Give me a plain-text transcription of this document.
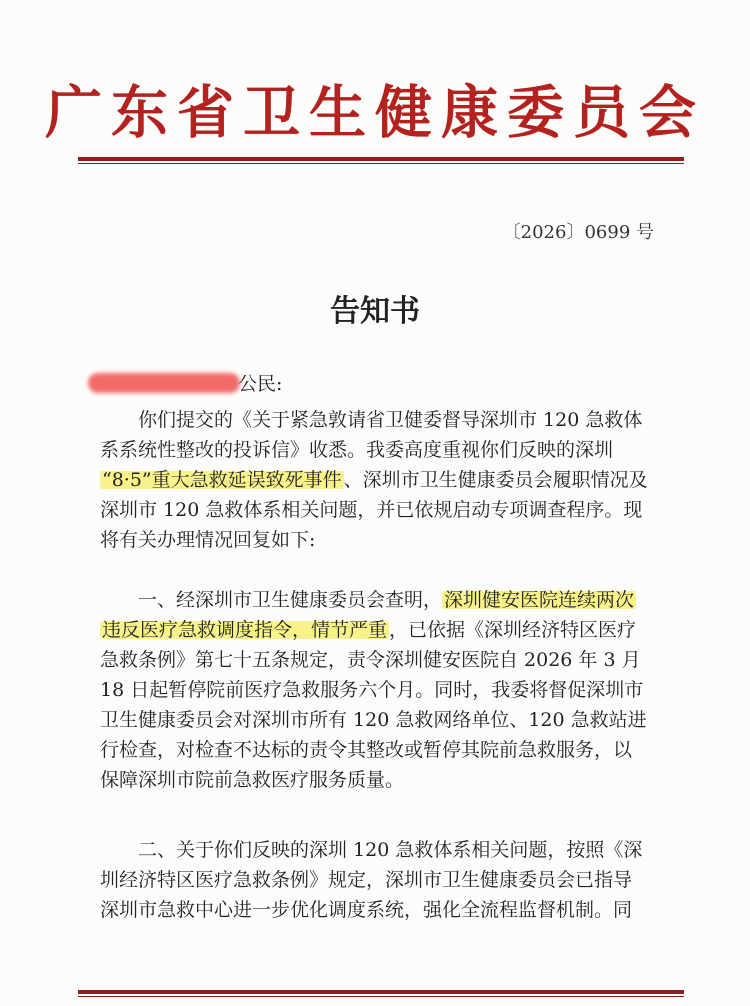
广东省卫生健康委员会
〔2026〕0699 号
告知书
公民:
你们提交的《关于紧急敦请省卫健委督导深圳市 120 急救体
系系统性整改的投诉信》收悉。我委高度重视你们反映的深圳
“8·5”重大急救延误致死事件 、深圳市卫生健康委员会履职情况及
深圳市 120 急救体系相关问题，并已依规启动专项调查程序。现
将有关办理情况回复如下:
一、经深圳市卫生健康委员会查明， 深圳健安医院连续两次
违反医疗急救调度指令，情节严重 ，已依据《深圳经济特区医疗
急救条例》第七十五条规定，责令深圳健安医院自 2026 年 3 月
18 日起暂停院前医疗急救服务六个月。同时，我委将督促深圳市
卫生健康委员会对深圳市所有 120 急救网络单位、120 急救站进
行检查，对检查不达标的责令其整改或暂停其院前急救服务，以
保障深圳市院前急救医疗服务质量。
二、关于你们反映的深圳 120 急救体系相关问题，按照《深
圳经济特区医疗急救条例》规定，深圳市卫生健康委员会已指导
深圳市急救中心进一步优化调度系统，强化全流程监督机制。同
